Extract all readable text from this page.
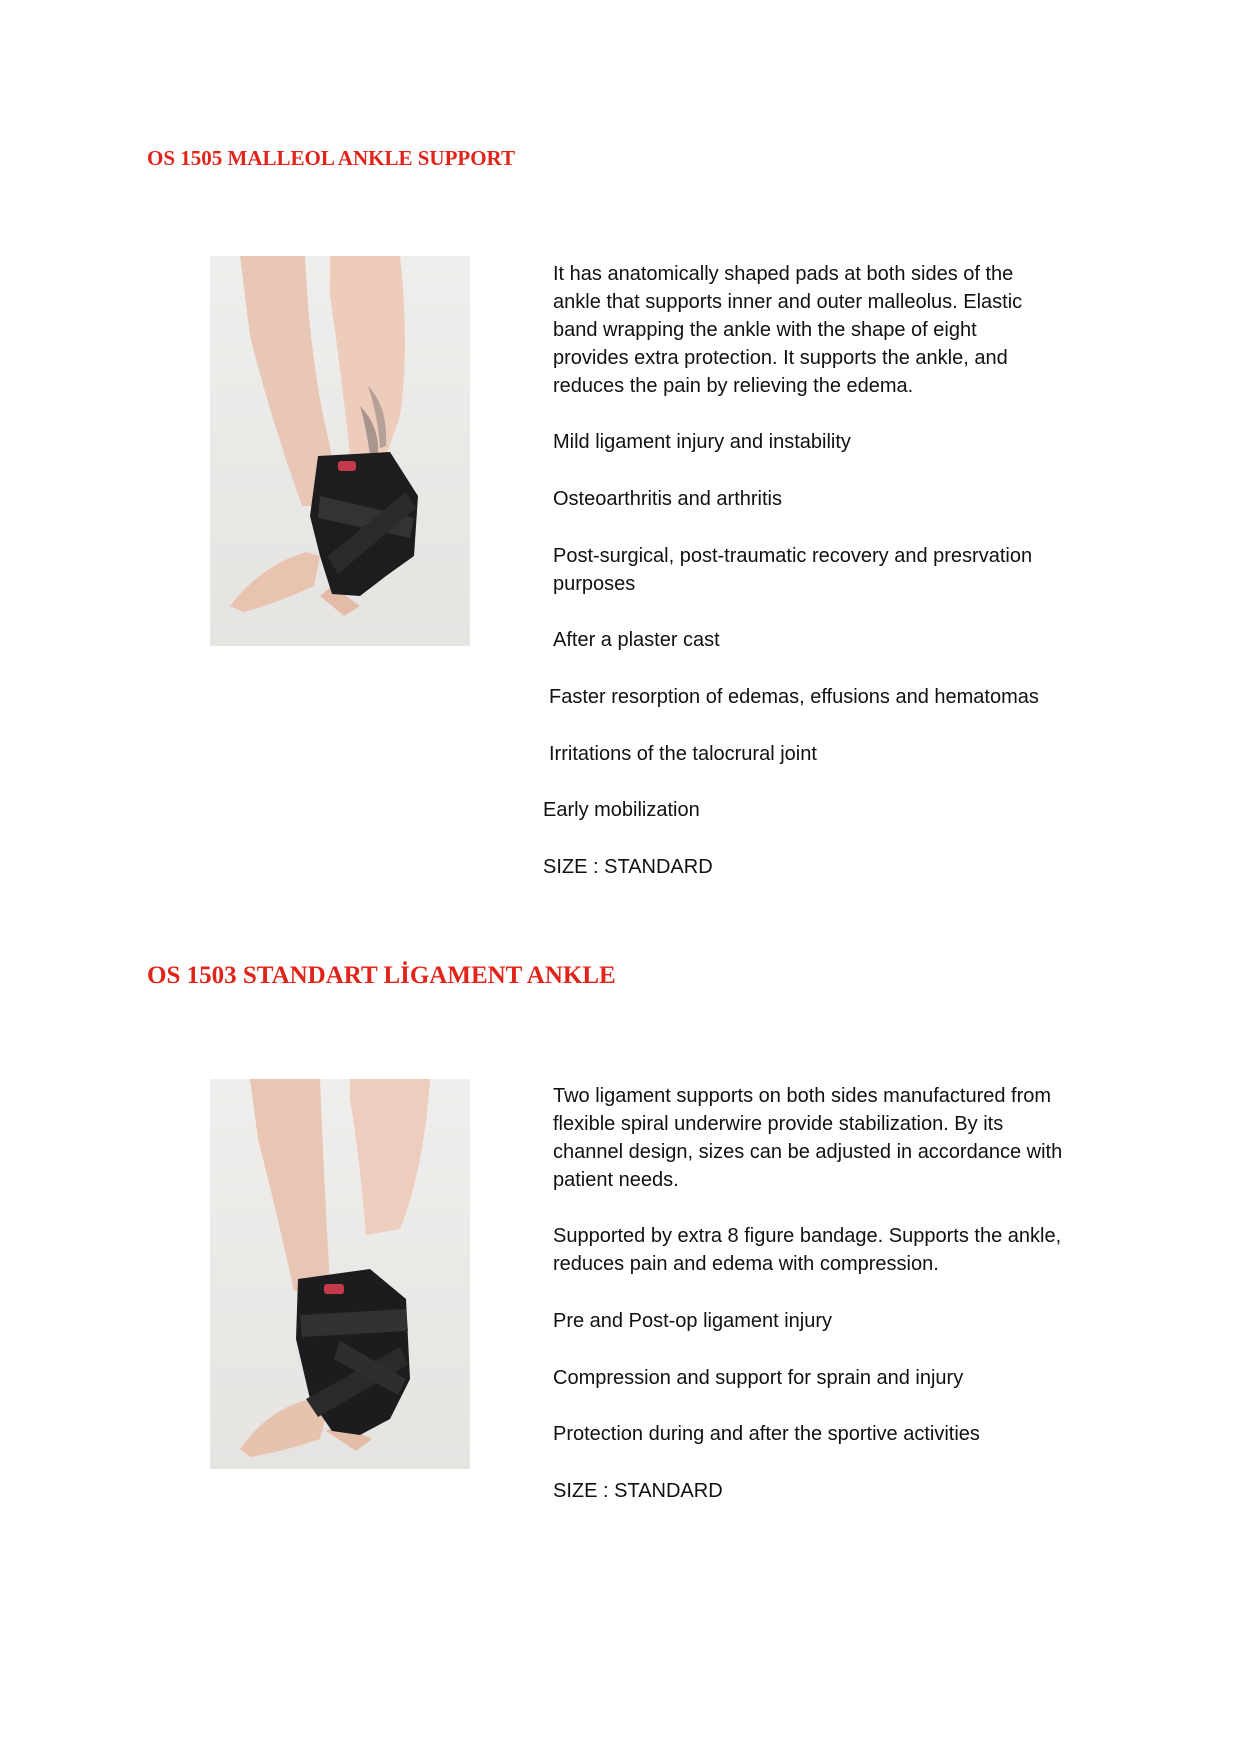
OS 1505 MALLEOL ANKLE SUPPORT

It has anatomically shaped pads at both sides of the

ankle that supports inner and outer malleolus. Elastic

band wrapping the ankle with the shape of eight

provides extra protection. It supports the ankle, and

reduces the pain by relieving the edema.

Mild ligament injury and instability

Osteoarthritis and arthritis

Post-surgical, post-traumatic recovery and presrvation

purposes

After a plaster cast

Faster resorption of edemas, effusions and hematomas

Irritations of the talocrural joint

Early mobilization

SIZE : STANDARD

OS 1503 STANDART LİGAMENT ANKLE

Two ligament supports on both sides manufactured from

flexible spiral underwire provide stabilization. By its

channel design, sizes can be adjusted in accordance with

patient needs.

Supported by extra 8 figure bandage. Supports the ankle,

reduces pain and edema with compression.

Pre and Post-op ligament injury

Compression and support for sprain and injury

Protection during and after the sportive activities

SIZE : STANDARD
